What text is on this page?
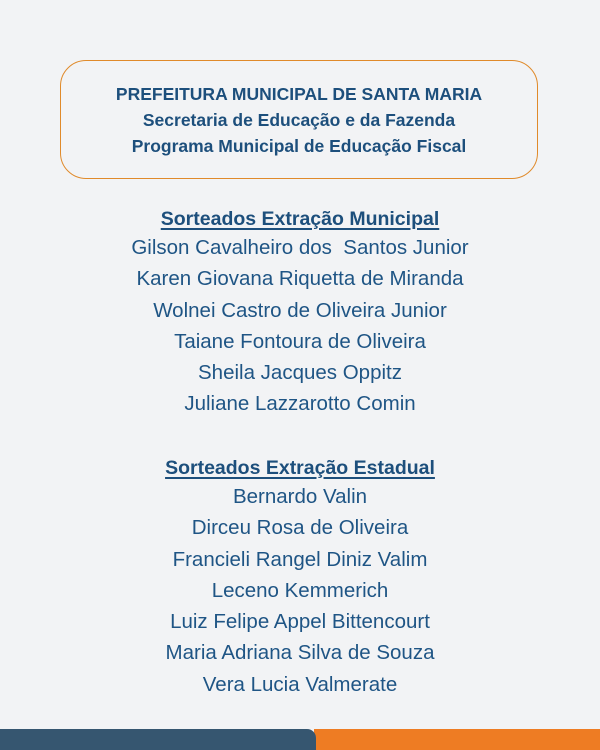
PREFEITURA MUNICIPAL DE SANTA MARIA
Secretaria de Educação e da Fazenda
Programa Municipal de Educação Fiscal
Sorteados Extração Municipal
Gilson Cavalheiro dos  Santos Junior
Karen Giovana Riquetta de Miranda
Wolnei Castro de Oliveira Junior
Taiane Fontoura de Oliveira
Sheila Jacques Oppitz
Juliane Lazzarotto Comin
Sorteados Extração Estadual
Bernardo Valin
Dirceu Rosa de Oliveira
Francieli Rangel Diniz Valim
Leceno Kemmerich
Luiz Felipe Appel Bittencourt
Maria Adriana Silva de Souza
Vera Lucia Valmerate
